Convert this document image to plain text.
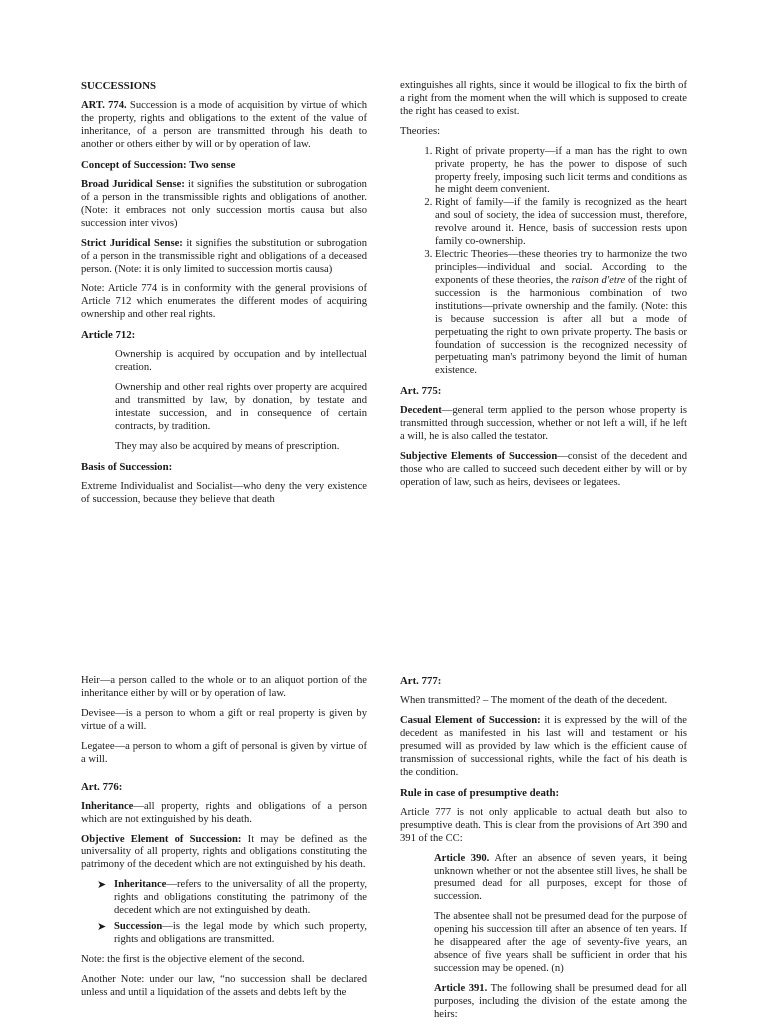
SUCCESSIONS

ART. 774. Succession is a mode of acquisition by virtue of which the property, rights and obligations to the extent of the value of inheritance, of a person are transmitted through his death to another or others either by will or by operation of law.

Concept of Succession: Two sense

Broad Juridical Sense: it signifies the substitution or subrogation of a person in the transmissible rights and obligations of another. (Note: it embraces not only succession mortis causa but also succession inter vivos)

Strict Juridical Sense: it signifies the substitution or subrogation of a person in the transmissible right and obligations of a deceased person. (Note: it is only limited to succession mortis causa)

Note: Article 774 is in conformity with the general provisions of Article 712 which enumerates the different modes of acquiring ownership and other real rights.

Article 712:

Ownership is acquired by occupation and by intellectual creation.

Ownership and other real rights over property are acquired and transmitted by law, by donation, by testate and intestate succession, and in consequence of certain contracts, by tradition.

They may also be acquired by means of prescription.

Basis of Succession:

Extreme Individualist and Socialist—who deny the very existence of succession, because they believe that death

extinguishes all rights, since it would be illogical to fix the birth of a right from the moment when the will which is supposed to create the right has ceased to exist.

Theories:

1. Right of private property—if a man has the right to own private property, he has the power to dispose of such property freely, imposing such licit terms and conditions as he might deem convenient.
2. Right of family—if the family is recognized as the heart and soul of society, the idea of succession must, therefore, revolve around it. Hence, basis of succession rests upon family co-ownership.
3. Electric Theories—these theories try to harmonize the two principles—individual and social. According to the exponents of these theories, the raison d'etre of the right of succession is the harmonious combination of two institutions—private ownership and the family. (Note: this is because succession is after all but a mode of perpetuating the right to own private property. The basis or foundation of succession is the recognized necessity of perpetuating man's patrimony beyond the limit of human existence.
Art. 775:

Decedent—general term applied to the person whose property is transmitted through succession, whether or not left a will, if he left a will, he is also called the testator.

Subjective Elements of Succession—consist of the decedent and those who are called to succeed such decedent either by will or by operation of law, such as heirs, devisees or legatees.

Heir—a person called to the whole or to an aliquot portion of the inheritance either by will or by operation of law.

Devisee—is a person to whom a gift or real property is given by virtue of a will.

Legatee—a person to whom a gift of personal is given by virtue of a will.

Art. 776:

Inheritance—all property, rights and obligations of a person which are not extinguished by his death.

Objective Element of Succession: It may be defined as the universality of all property, rights and obligations constituting the patrimony of the decedent which are not extinguished by his death.

➤ Inheritance—refers to the universality of all the property, rights and obligations constituting the patrimony of the decedent which are not extinguished by death.
➤ Succession—is the legal mode by which such property, rights and obligations are transmitted.

Note: the first is the objective element of the second.

Another Note: under our law, “no succession shall be declared unless and until a liquidation of the assets and debts left by the

Art. 777:

When transmitted? – The moment of the death of the decedent.

Casual Element of Succession: it is expressed by the will of the decedent as manifested in his last will and testament or his presumed will as provided by law which is the efficient cause of transmission of successional rights, while the fact of his death is the condition.

Rule in case of presumptive death:

Article 777 is not only applicable to actual death but also to presumptive death. This is clear from the provisions of Art 390 and 391 of the CC:

Article 390. After an absence of seven years, it being unknown whether or not the absentee still lives, he shall be presumed dead for all purposes, except for those of succession.

The absentee shall not be presumed dead for the purpose of opening his succession till after an absence of ten years. If he disappeared after the age of seventy-five years, an absence of five years shall be sufficient in order that his succession may be opened. (n)

Article 391. The following shall be presumed dead for all purposes, including the division of the estate among the heirs:
